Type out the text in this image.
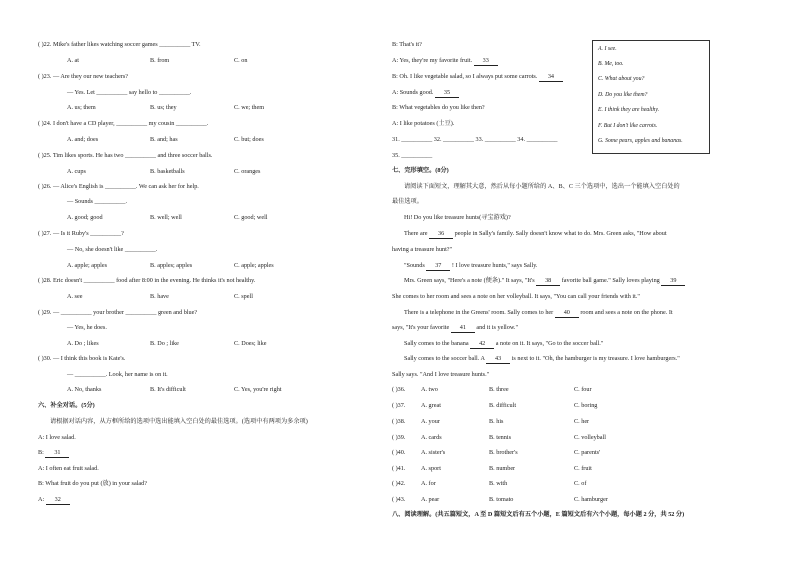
( )22. Mike's father likes watching soccer games __________ TV.
A. at	B. from	C. on
( )23. — Are they our new teachers?
— Yes. Let __________ say hello to __________.
A. us; them	B. us; they	C. we; them
( )24. I don't have a CD player, __________ my cousin __________.
A. and; does	B. and; has	C. but; does
( )25. Tim likes sports. He has two __________ and three soccer balls.
A. cups	B. basketballs	C. oranges
( )26. — Alice's English is __________. We can ask her for help.
— Sounds __________.
A. good; good	B. well; well	C. good; well
( )27. — Is it Ruby's __________?
— No, she doesn't like __________.
A. apple; apples	B. apples; apples	C. apple; apples
( )28. Eric doesn't __________ food after 8:00 in the evening. He thinks it's not healthy.
A. see	B. have	C. spell
( )29. — __________ your brother __________ green and blue?
— Yes, he does.
A. Do ; likes	B. Do ; like	C. Does; like
( )30. — I think this book is Kate's.
— __________. Look, her name is on it.
A. No, thanks	B. It's difficult	C. Yes, you're right
六、补全对话。(5分)
请根据对话内容，从方框所给的选项中选出能填入空白处的最佳选项。(选项中有两项为多余项)
A: I love salad.
B: 31
A: I often eat fruit salad.
B: What fruit do you put (放) in your salad?
A: 32
B: That's it?
A: Yes, they're my favorite fruit. 33
B: Oh. I like vegetable salad, so I always put some carrots. 34
A: Sounds good. 35
B: What vegetables do you like then?
A: I like potatoes (土豆).
31. __________ 32. __________ 33. __________ 34. __________
35. __________
七、完形填空。(8分)
请阅读下面短文，理解其大意，然后从每小题所给的 A、B、C 三个选项中，选出一个能填入空白处的
最佳选项。
Hi! Do you like treasure hunts(寻宝游戏)?
There are 36 people in Sally's family. Sally doesn't know what to do. Mrs. Green asks, "How about
having a treasure hunt?"
"Sounds 37 ! I love treasure hunts," says Sally.
Mrs. Green says, "Here's a note (便条)." It says, "It's 38 favorite ball game." Sally loves playing 39
She comes to her room and sees a note on her volleyball. It says, "You can call your friends with it."
There is a telephone in the Greens' room. Sally comes to her 40 room and sees a note on the phone. It
says, "It's your favorite 41 and it is yellow."
Sally comes to the banana 42 a note on it. It says, "Go to the soccer ball."
Sally comes to the soccer ball. A 43 is next to it. "Oh, the hamburger is my treasure. I love hamburgers."
Sally says. "And I love treasure hunts."
( )36.	A. two	B. three	C. four
( )37.	A. great	B. difficult	C. boring
( )38.	A. your	B. his	C. her
( )39.	A. cards	B. tennis	C. volleyball
( )40.	A. sister's	B. brother's	C. parents'
( )41.	A. sport	B. number	C. fruit
( )42.	A. for	B. with	C. of
( )43.	A. pear	B. tomato	C. hamburger
八、阅读理解。(共五篇短文，A 至 D 篇短文后有五个小题，E 篇短文后有六个小题，每小题 2 分，共 52 分)
A. I see.
B. Me, too.
C. What about you?
D. Do you like them?
E. I think they are healthy.
F. But I don't like carrots.
G. Some pears, apples and bananas.
